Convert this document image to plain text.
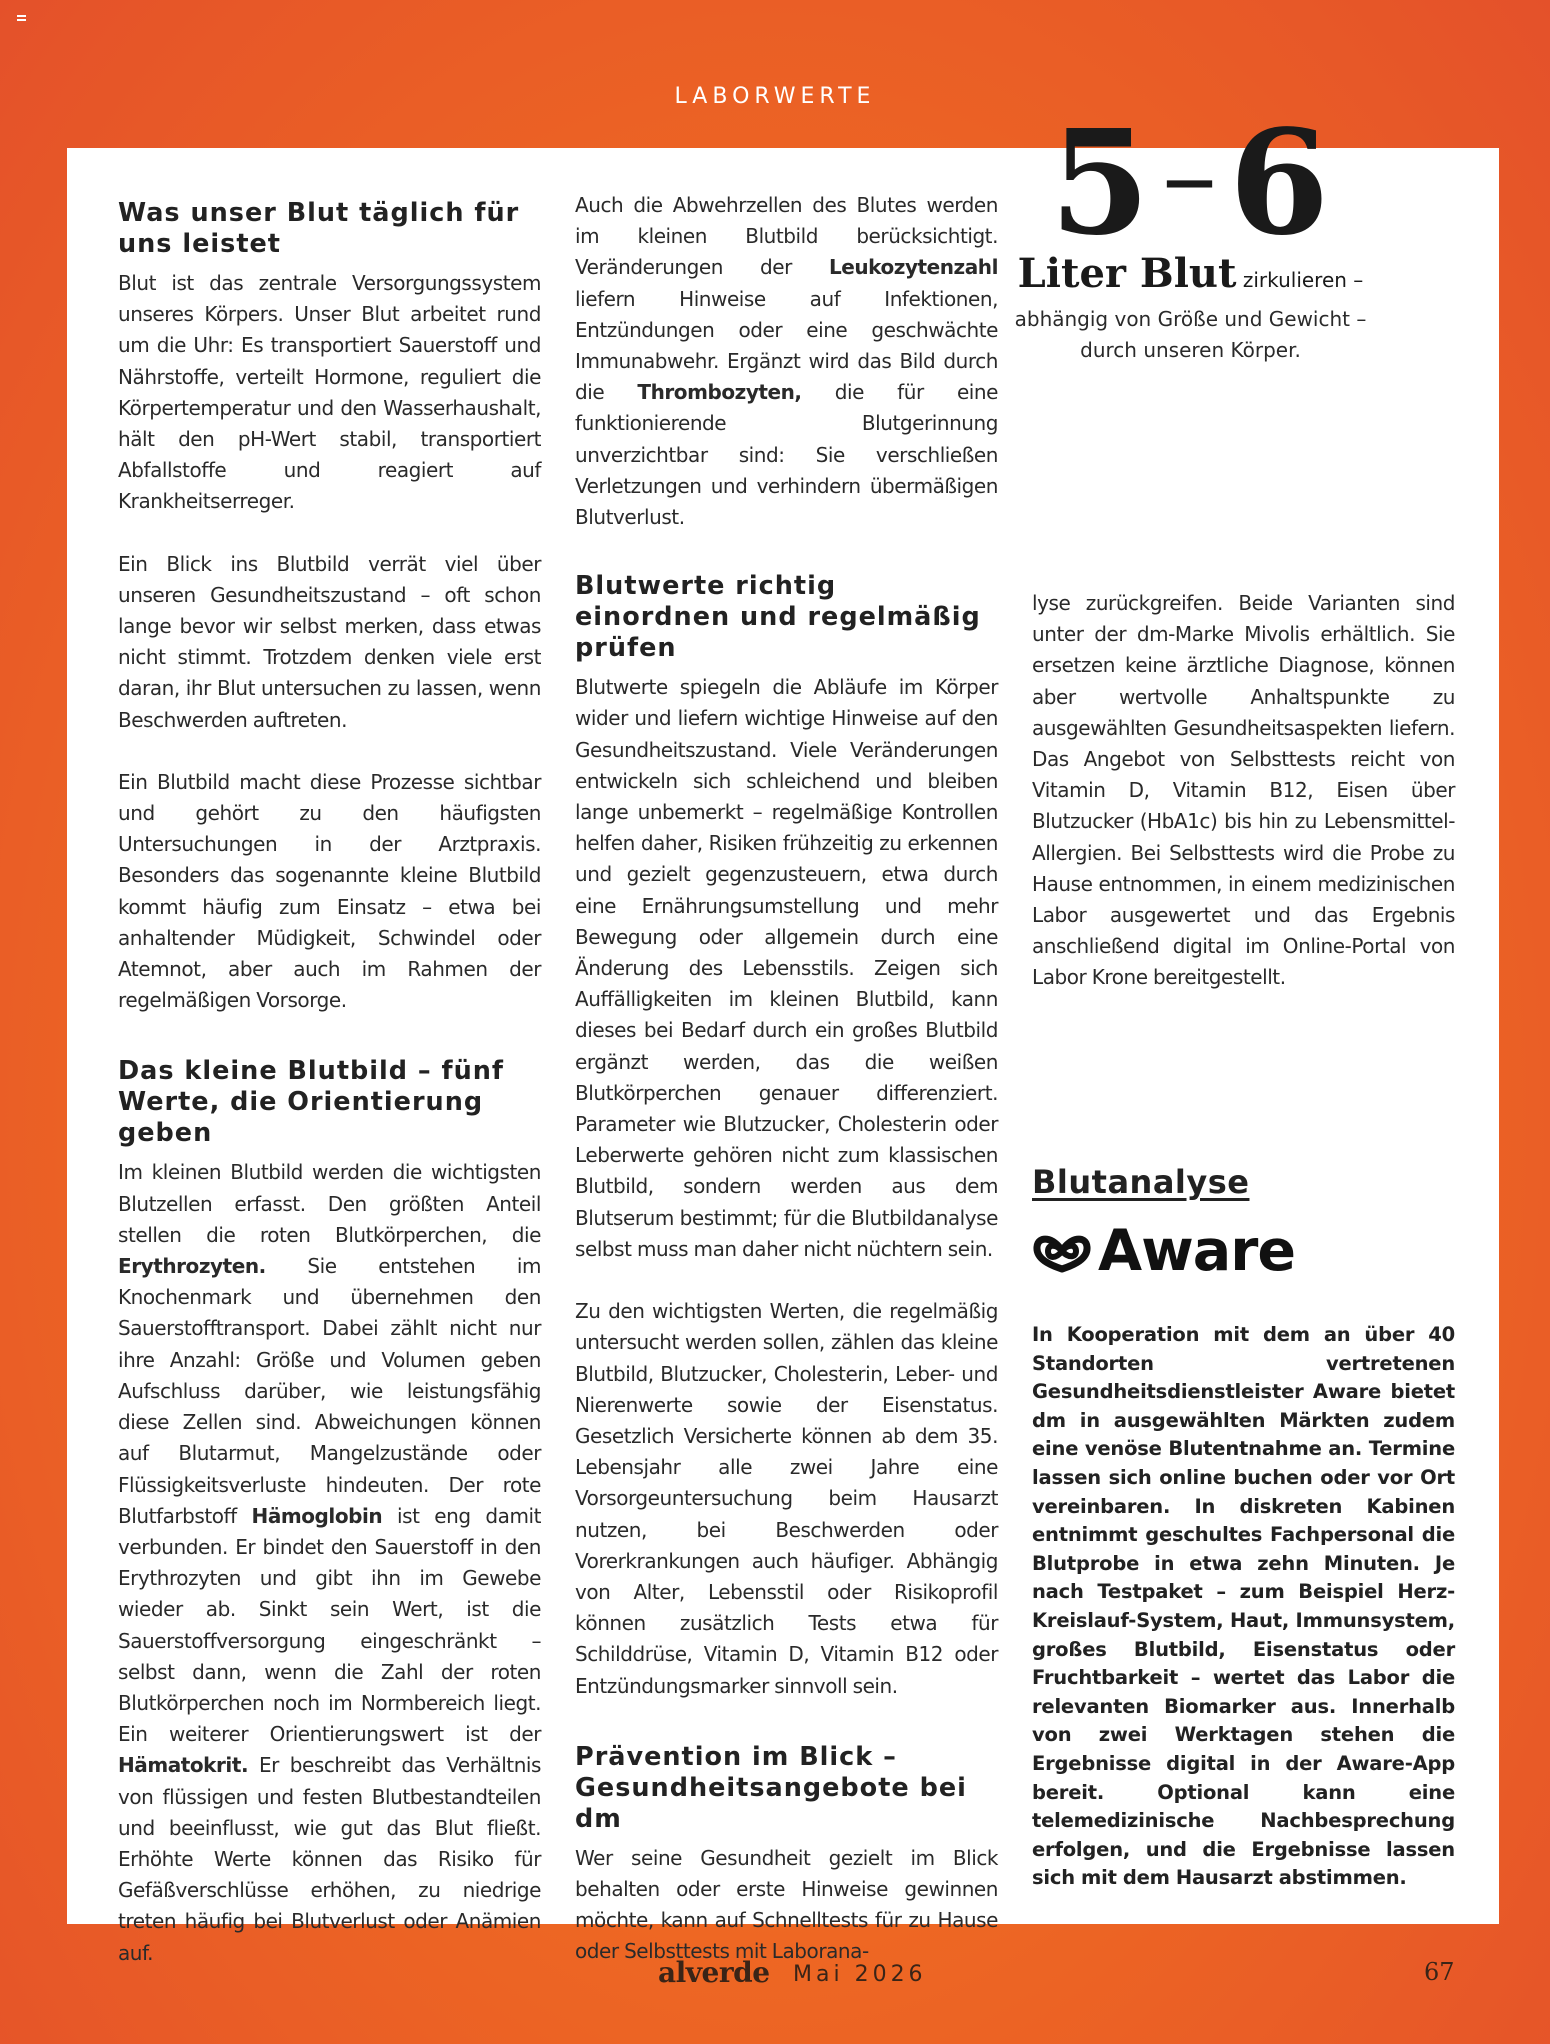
LABORWERTE
Was unser Blut täglich für uns leistet

Blut ist das zentrale Versorgungssystem unseres Körpers. Unser Blut arbeitet rund um die Uhr: Es transportiert Sauerstoff und Nährstoffe, verteilt Hormone, reguliert die Körpertemperatur und den Wasserhaushalt, hält den pH-Wert stabil, transportiert Abfallstoffe und reagiert auf Krankheitserreger.

Ein Blick ins Blutbild verrät viel über unseren Gesundheitszustand – oft schon lange bevor wir selbst merken, dass etwas nicht stimmt. Trotzdem denken viele erst daran, ihr Blut untersuchen zu lassen, wenn Beschwerden auftreten.

Ein Blutbild macht diese Prozesse sichtbar und gehört zu den häufigsten Untersuchungen in der Arztpraxis. Besonders das sogenannte kleine Blutbild kommt häufig zum Einsatz – etwa bei anhaltender Müdigkeit, Schwindel oder Atemnot, aber auch im Rahmen der regelmäßigen Vorsorge.

Das kleine Blutbild – fünf Werte, die Orientierung geben

Im kleinen Blutbild werden die wichtigsten Blutzellen erfasst. Den größten Anteil stellen die roten Blutkörperchen, die Erythrozyten. Sie entstehen im Knochenmark und übernehmen den Sauerstofftransport. Dabei zählt nicht nur ihre Anzahl: Größe und Volumen geben Aufschluss darüber, wie leistungsfähig diese Zellen sind. Abweichungen können auf Blutarmut, Mangelzustände oder Flüssigkeitsverluste hindeuten. Der rote Blutfarbstoff Hämoglobin ist eng damit verbunden. Er bindet den Sauerstoff in den Erythrozyten und gibt ihn im Gewebe wieder ab. Sinkt sein Wert, ist die Sauerstoffversorgung eingeschränkt – selbst dann, wenn die Zahl der roten Blutkörperchen noch im Normbereich liegt. Ein weiterer Orientierungswert ist der Hämatokrit. Er beschreibt das Verhältnis von flüssigen und festen Blutbestandteilen und beeinflusst, wie gut das Blut fließt. Erhöhte Werte können das Risiko für Gefäßverschlüsse erhöhen, zu niedrige treten häufig bei Blutverlust oder Anämien auf.

Auch die Abwehrzellen des Blutes werden im kleinen Blutbild berücksichtigt. Veränderungen der Leukozytenzahl liefern Hinweise auf Infektionen, Entzündungen oder eine geschwächte Immunabwehr. Ergänzt wird das Bild durch die Thrombozyten, die für eine funktionierende Blutgerinnung unverzichtbar sind: Sie verschließen Verletzungen und verhindern übermäßigen Blutverlust.

Blutwerte richtig einordnen und regelmäßig prüfen

Blutwerte spiegeln die Abläufe im Körper wider und liefern wichtige Hinweise auf den Gesundheitszustand. Viele Veränderungen entwickeln sich schleichend und bleiben lange unbemerkt – regelmäßige Kontrollen helfen daher, Risiken frühzeitig zu erkennen und gezielt gegenzusteuern, etwa durch eine Ernährungsumstellung und mehr Bewegung oder allgemein durch eine Änderung des Lebensstils. Zeigen sich Auffälligkeiten im kleinen Blutbild, kann dieses bei Bedarf durch ein großes Blutbild ergänzt werden, das die weißen Blutkörperchen genauer differenziert. Parameter wie Blutzucker, Cholesterin oder Leberwerte gehören nicht zum klassischen Blutbild, sondern werden aus dem Blutserum bestimmt; für die Blutbildanalyse selbst muss man daher nicht nüchtern sein.

Zu den wichtigsten Werten, die regelmäßig untersucht werden sollen, zählen das kleine Blutbild, Blutzucker, Cholesterin, Leber- und Nierenwerte sowie der Eisenstatus. Gesetzlich Versicherte können ab dem 35. Lebensjahr alle zwei Jahre eine Vorsorgeuntersuchung beim Hausarzt nutzen, bei Beschwerden oder Vorerkrankungen auch häufiger. Abhängig von Alter, Lebensstil oder Risikoprofil können zusätzlich Tests etwa für Schilddrüse, Vitamin D, Vitamin B12 oder Entzündungsmarker sinnvoll sein.

Prävention im Blick – Gesundheitsangebote bei dm

Wer seine Gesundheit gezielt im Blick behalten oder erste Hinweise gewinnen möchte, kann auf Schnelltests für zu Hause oder Selbsttests mit Laborana-

lyse zurückgreifen. Beide Varianten sind unter der dm-Marke Mivolis erhältlich. Sie ersetzen keine ärztliche Diagnose, können aber wertvolle Anhaltspunkte zu ausgewählten Gesundheitsaspekten liefern. Das Angebot von Selbsttests reicht von Vitamin D, Vitamin B12, Eisen über Blutzucker (HbA1c) bis hin zu Lebensmittel-Allergien. Bei Selbsttests wird die Probe zu Hause entnommen, in einem medizinischen Labor ausgewertet und das Ergebnis anschließend digital im Online-Portal von Labor Krone bereitgestellt.

Blutanalyse
Aware

In Kooperation mit dem an über 40 Standorten vertretenen Gesundheitsdienstleister Aware bietet dm in ausgewählten Märkten zudem eine venöse Blutentnahme an. Termine lassen sich online buchen oder vor Ort vereinbaren. In diskreten Kabinen entnimmt geschultes Fachpersonal die Blutprobe in etwa zehn Minuten. Je nach Testpaket – zum Beispiel Herz-Kreislauf-System, Haut, Immunsystem, großes Blutbild, Eisenstatus oder Fruchtbarkeit – wertet das Labor die relevanten Biomarker aus. Innerhalb von zwei Werktagen stehen die Ergebnisse digital in der Aware-App bereit. Optional kann eine telemedizinische Nachbesprechung erfolgen, und die Ergebnisse lassen sich mit dem Hausarzt abstimmen.

5–6
Liter Blut zirkulieren –
abhängig von Größe und Gewicht –
durch unseren Körper.
alverde Mai 2026	67
